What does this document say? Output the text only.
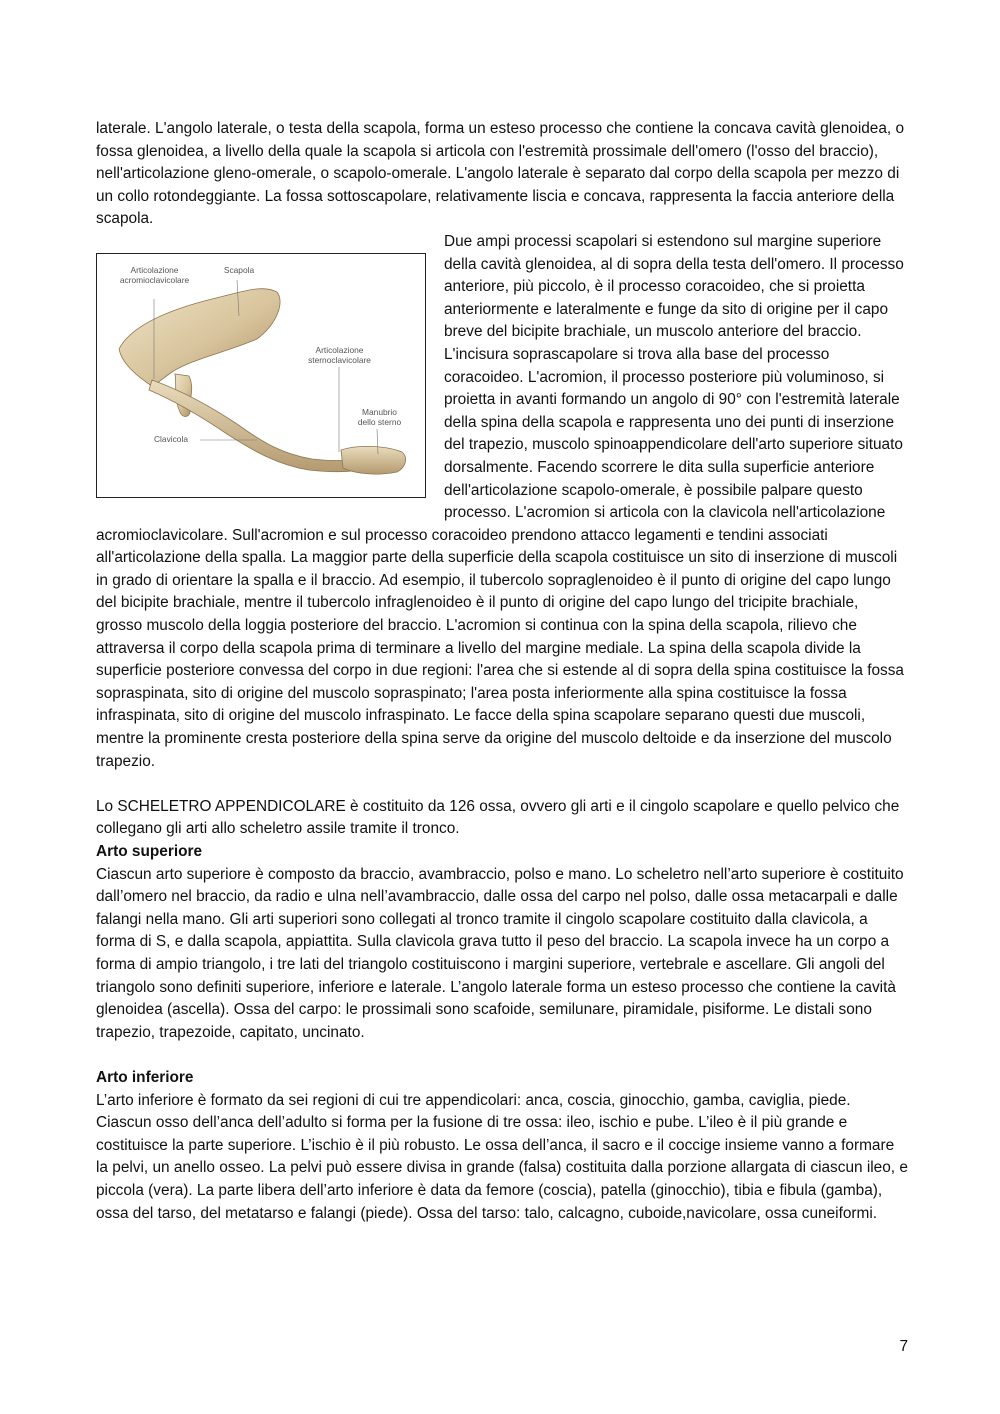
laterale. L'angolo laterale, o testa della scapola, forma un esteso processo che contiene la concava cavità glenoidea, o fossa glenoidea, a livello della quale la scapola si articola con l'estremità prossimale dell'omero (l'osso del braccio), nell'articolazione gleno-omerale, o scapolo-omerale. L'angolo laterale è separato dal corpo della scapola per mezzo di un collo rotondeggiante. La fossa sottoscapolare, relativamente liscia e concava, rappresenta la faccia anteriore della scapola.

Articolazione
acromioclavicolare
Scapola
Articolazione
sternoclavicolare
Manubrio
dello sterno
Clavicola

Due ampi processi scapolari si estendono sul margine superiore della cavità glenoidea, al di sopra della testa dell'omero. Il processo anteriore, più piccolo, è il processo coracoideo, che si proietta anteriormente e lateralmente e funge da sito di origine per il capo breve del bicipite brachiale, un muscolo anteriore del braccio. L'incisura soprascapolare si trova alla base del processo coracoideo. L'acromion, il processo posteriore più voluminoso, si proietta in avanti formando un angolo di 90° con l'estremità laterale della spina della scapola e rappresenta uno dei punti di inserzione del trapezio, muscolo spinoappendicolare dell'arto superiore situato dorsalmente. Facendo scorrere le dita sulla superficie anteriore dell'articolazione scapolo-omerale, è possibile palpare questo processo. L'acromion si articola con la clavicola nell'articolazione acromioclavicolare. Sull'acromion e sul processo coracoideo prendono attacco legamenti e tendini associati all'articolazione della spalla. La maggior parte della superficie della scapola costituisce un sito di inserzione di muscoli in grado di orientare la spalla e il braccio. Ad esempio, il tubercolo sopraglenoideo è il punto di origine del capo lungo del bicipite brachiale, mentre il tubercolo infraglenoideo è il punto di origine del capo lungo del tricipite brachiale, grosso muscolo della loggia posteriore del braccio. L'acromion si continua con la spina della scapola, rilievo che attraversa il corpo della scapola prima di terminare a livello del margine mediale. La spina della scapola divide la superficie posteriore convessa del corpo in due regioni: l'area che si estende al di sopra della spina costituisce la fossa sopraspinata, sito di origine del muscolo sopraspinato; l'area posta inferiormente alla spina costituisce la fossa infraspinata, sito di origine del muscolo infraspinato. Le facce della spina scapolare separano questi due muscoli, mentre la prominente cresta posteriore della spina serve da origine del muscolo deltoide e da inserzione del muscolo trapezio.

Lo SCHELETRO APPENDICOLARE è costituito da 126 ossa, ovvero gli arti e il cingolo scapolare e quello pelvico che collegano gli arti allo scheletro assile tramite il tronco.

Arto superiore

Ciascun arto superiore è composto da braccio, avambraccio, polso e mano. Lo scheletro nell’arto superiore è costituito dall’omero nel braccio, da radio e ulna nell’avambraccio, dalle ossa del carpo nel polso, dalle ossa metacarpali e dalle falangi nella mano. Gli arti superiori sono collegati al tronco tramite il cingolo scapolare costituito dalla clavicola, a forma di S, e dalla scapola, appiattita. Sulla clavicola grava tutto il peso del braccio. La scapola invece ha un corpo a forma di ampio triangolo, i tre lati del triangolo costituiscono i margini superiore, vertebrale e ascellare. Gli angoli del triangolo sono definiti superiore, inferiore e laterale. L’angolo laterale forma un esteso processo che contiene la cavità glenoidea (ascella). Ossa del carpo: le prossimali sono scafoide, semilunare, piramidale, pisiforme. Le distali sono trapezio, trapezoide, capitato, uncinato.

Arto inferiore

L’arto inferiore è formato da sei regioni di cui tre appendicolari: anca, coscia, ginocchio, gamba, caviglia, piede. Ciascun osso dell’anca dell’adulto si forma per la fusione di tre ossa: ileo, ischio e pube. L’ileo è il più grande e costituisce la parte superiore. L’ischio è il più robusto. Le ossa dell’anca, il sacro e il coccige insieme vanno a formare la pelvi, un anello osseo. La pelvi può essere divisa in grande (falsa) costituita dalla porzione allargata di ciascun ileo, e piccola (vera). La parte libera dell’arto inferiore è data da femore (coscia), patella (ginocchio), tibia e fibula (gamba), ossa del tarso, del metatarso e falangi (piede). Ossa del tarso: talo, calcagno, cuboide,navicolare, ossa cuneiformi.

7
